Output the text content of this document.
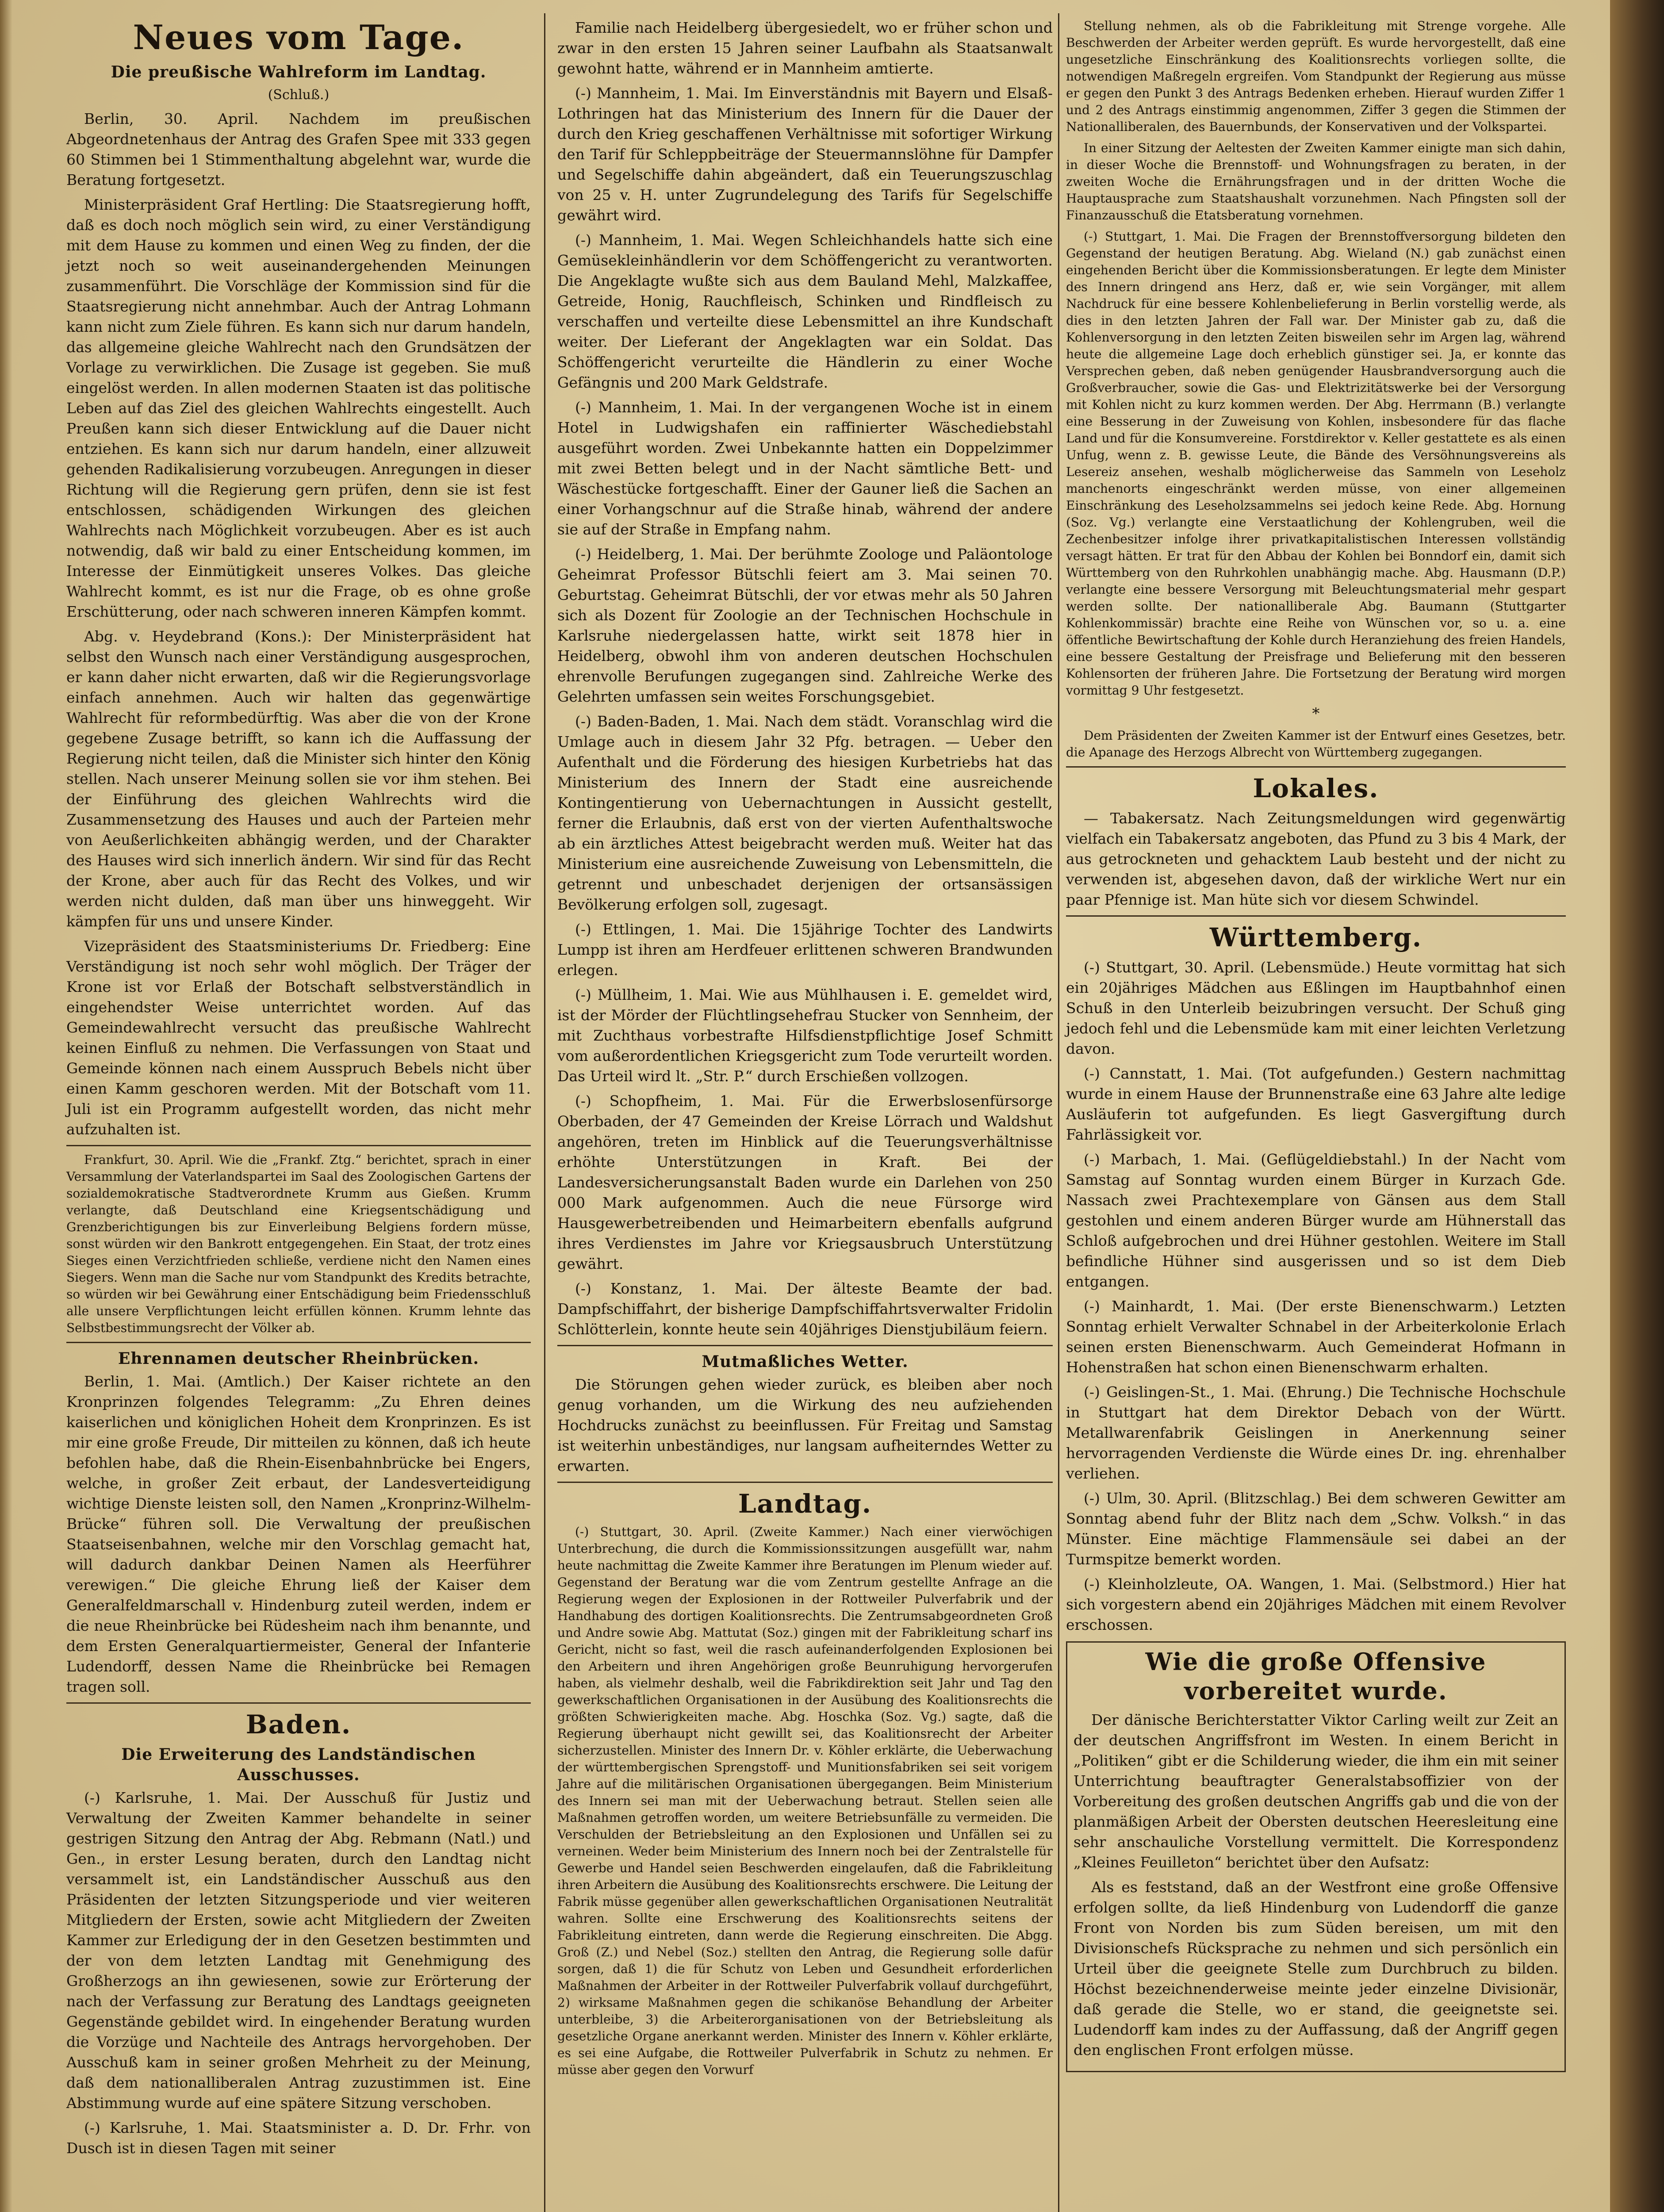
Neues vom Tage.
Die preußische Wahlreform im Landtag.
(Schluß.)

Berlin, 30. April. Nachdem im preußischen Abgeordnetenhaus der Antrag des Grafen Spee mit 333 gegen 60 Stimmen bei 1 Stimmenthaltung abgelehnt war, wurde die Beratung fortgesetzt.

Ministerpräsident Graf Hertling: Die Staatsregierung hofft, daß es doch noch möglich sein wird, zu einer Verständigung mit dem Hause zu kommen und einen Weg zu finden, der die jetzt noch so weit auseinandergehenden Meinungen zusammenführt. Die Vorschläge der Kommission sind für die Staatsregierung nicht annehmbar. Auch der Antrag Lohmann kann nicht zum Ziele führen. Es kann sich nur darum handeln, das allgemeine gleiche Wahlrecht nach den Grundsätzen der Vorlage zu verwirklichen. Die Zusage ist gegeben. Sie muß eingelöst werden. In allen modernen Staaten ist das politische Leben auf das Ziel des gleichen Wahlrechts eingestellt. Auch Preußen kann sich dieser Entwicklung auf die Dauer nicht entziehen. Es kann sich nur darum handeln, einer allzuweit gehenden Radikalisierung vorzubeugen. Anregungen in dieser Richtung will die Regierung gern prüfen, denn sie ist fest entschlossen, schädigenden Wirkungen des gleichen Wahlrechts nach Möglichkeit vorzubeugen. Aber es ist auch notwendig, daß wir bald zu einer Entscheidung kommen, im Interesse der Einmütigkeit unseres Volkes. Das gleiche Wahlrecht kommt, es ist nur die Frage, ob es ohne große Erschütterung, oder nach schweren inneren Kämpfen kommt.

Abg. v. Heydebrand (Kons.): Der Ministerpräsident hat selbst den Wunsch nach einer Verständigung ausgesprochen, er kann daher nicht erwarten, daß wir die Regierungsvorlage einfach annehmen. Auch wir halten das gegenwärtige Wahlrecht für reformbedürftig. Was aber die von der Krone gegebene Zusage betrifft, so kann ich die Auffassung der Regierung nicht teilen, daß die Minister sich hinter den König stellen. Nach unserer Meinung sollen sie vor ihm stehen. Bei der Einführung des gleichen Wahlrechts wird die Zusammensetzung des Hauses und auch der Parteien mehr von Aeußerlichkeiten abhängig werden, und der Charakter des Hauses wird sich innerlich ändern. Wir sind für das Recht der Krone, aber auch für das Recht des Volkes, und wir werden nicht dulden, daß man über uns hinweggeht. Wir kämpfen für uns und unsere Kinder.

Vizepräsident des Staatsministeriums Dr. Friedberg: Eine Verständigung ist noch sehr wohl möglich. Der Träger der Krone ist vor Erlaß der Botschaft selbstverständlich in eingehendster Weise unterrichtet worden. Auf das Gemeindewahlrecht versucht das preußische Wahlrecht keinen Einfluß zu nehmen. Die Verfassungen von Staat und Gemeinde können nach einem Ausspruch Bebels nicht über einen Kamm geschoren werden. Mit der Botschaft vom 11. Juli ist ein Programm aufgestellt worden, das nicht mehr aufzuhalten ist.

Frankfurt, 30. April. Wie die „Frankf. Ztg.“ berichtet, sprach in einer Versammlung der Vaterlandspartei im Saal des Zoologischen Gartens der sozialdemokratische Stadtverordnete Krumm aus Gießen. Krumm verlangte, daß Deutschland eine Kriegsentschädigung und Grenzberichtigungen bis zur Einverleibung Belgiens fordern müsse, sonst würden wir den Bankrott entgegengehen. Ein Staat, der trotz eines Sieges einen Verzichtfrieden schließe, verdiene nicht den Namen eines Siegers. Wenn man die Sache nur vom Standpunkt des Kredits betrachte, so würden wir bei Gewährung einer Entschädigung beim Friedensschluß alle unsere Verpflichtungen leicht erfüllen können. Krumm lehnte das Selbstbestimmungsrecht der Völker ab.

Ehrennamen deutscher Rheinbrücken.

Berlin, 1. Mai. (Amtlich.) Der Kaiser richtete an den Kronprinzen folgendes Telegramm: „Zu Ehren deines kaiserlichen und königlichen Hoheit dem Kronprinzen. Es ist mir eine große Freude, Dir mitteilen zu können, daß ich heute befohlen habe, daß die Rhein-Eisenbahnbrücke bei Engers, welche, in großer Zeit erbaut, der Landesverteidigung wichtige Dienste leisten soll, den Namen „Kronprinz-Wilhelm-Brücke“ führen soll. Die Verwaltung der preußischen Staatseisenbahnen, welche mir den Vorschlag gemacht hat, will dadurch dankbar Deinen Namen als Heerführer verewigen.“ Die gleiche Ehrung ließ der Kaiser dem Generalfeldmarschall v. Hindenburg zuteil werden, indem er die neue Rheinbrücke bei Rüdesheim nach ihm benannte, und dem Ersten Generalquartiermeister, General der Infanterie Ludendorff, dessen Name die Rheinbrücke bei Remagen tragen soll.

Baden.
Die Erweiterung des Landständischen Ausschusses.

(-) Karlsruhe, 1. Mai. Der Ausschuß für Justiz und Verwaltung der Zweiten Kammer behandelte in seiner gestrigen Sitzung den Antrag der Abg. Rebmann (Natl.) und Gen., in erster Lesung beraten, durch den Landtag nicht versammelt ist, ein Landständischer Ausschuß aus den Präsidenten der letzten Sitzungsperiode und vier weiteren Mitgliedern der Ersten, sowie acht Mitgliedern der Zweiten Kammer zur Erledigung der in den Gesetzen bestimmten und der von dem letzten Landtag mit Genehmigung des Großherzogs an ihn gewiesenen, sowie zur Erörterung der nach der Verfassung zur Beratung des Landtags geeigneten Gegenstände gebildet wird. In eingehender Beratung wurden die Vorzüge und Nachteile des Antrags hervorgehoben. Der Ausschuß kam in seiner großen Mehrheit zu der Meinung, daß dem nationalliberalen Antrag zuzustimmen ist. Eine Abstimmung wurde auf eine spätere Sitzung verschoben.

(-) Karlsruhe, 1. Mai. Staatsminister a. D. Dr. Frhr. von Dusch ist in diesen Tagen mit seiner

Familie nach Heidelberg übergesiedelt, wo er früher schon und zwar in den ersten 15 Jahren seiner Laufbahn als Staatsanwalt gewohnt hatte, während er in Mannheim amtierte.

(-) Mannheim, 1. Mai. Im Einverständnis mit Bayern und Elsaß-Lothringen hat das Ministerium des Innern für die Dauer der durch den Krieg geschaffenen Verhältnisse mit sofortiger Wirkung den Tarif für Schleppbeiträge der Steuermannslöhne für Dampfer und Segelschiffe dahin abgeändert, daß ein Teuerungszuschlag von 25 v. H. unter Zugrundelegung des Tarifs für Segelschiffe gewährt wird.

(-) Mannheim, 1. Mai. Wegen Schleichhandels hatte sich eine Gemüsekleinhändlerin vor dem Schöffengericht zu verantworten. Die Angeklagte wußte sich aus dem Bauland Mehl, Malzkaffee, Getreide, Honig, Rauchfleisch, Schinken und Rindfleisch zu verschaffen und verteilte diese Lebensmittel an ihre Kundschaft weiter. Der Lieferant der Angeklagten war ein Soldat. Das Schöffengericht verurteilte die Händlerin zu einer Woche Gefängnis und 200 Mark Geldstrafe.

(-) Mannheim, 1. Mai. In der vergangenen Woche ist in einem Hotel in Ludwigshafen ein raffinierter Wäschediebstahl ausgeführt worden. Zwei Unbekannte hatten ein Doppelzimmer mit zwei Betten belegt und in der Nacht sämtliche Bett- und Wäschestücke fortgeschafft. Einer der Gauner ließ die Sachen an einer Vorhangschnur auf die Straße hinab, während der andere sie auf der Straße in Empfang nahm.

(-) Heidelberg, 1. Mai. Der berühmte Zoologe und Paläontologe Geheimrat Professor Bütschli feiert am 3. Mai seinen 70. Geburtstag. Geheimrat Bütschli, der vor etwas mehr als 50 Jahren sich als Dozent für Zoologie an der Technischen Hochschule in Karlsruhe niedergelassen hatte, wirkt seit 1878 hier in Heidelberg, obwohl ihm von anderen deutschen Hochschulen ehrenvolle Berufungen zugegangen sind. Zahlreiche Werke des Gelehrten umfassen sein weites Forschungsgebiet.

(-) Baden-Baden, 1. Mai. Nach dem städt. Voranschlag wird die Umlage auch in diesem Jahr 32 Pfg. betragen. — Ueber den Aufenthalt und die Förderung des hiesigen Kurbetriebs hat das Ministerium des Innern der Stadt eine ausreichende Kontingentierung von Uebernachtungen in Aussicht gestellt, ferner die Erlaubnis, daß erst von der vierten Aufenthaltswoche ab ein ärztliches Attest beigebracht werden muß. Weiter hat das Ministerium eine ausreichende Zuweisung von Lebensmitteln, die getrennt und unbeschadet derjenigen der ortsansässigen Bevölkerung erfolgen soll, zugesagt.

(-) Ettlingen, 1. Mai. Die 15jährige Tochter des Landwirts Lumpp ist ihren am Herdfeuer erlittenen schweren Brandwunden erlegen.

(-) Müllheim, 1. Mai. Wie aus Mühlhausen i. E. gemeldet wird, ist der Mörder der Flüchtlingsehefrau Stucker von Sennheim, der mit Zuchthaus vorbestrafte Hilfsdienstpflichtige Josef Schmitt vom außerordentlichen Kriegsgericht zum Tode verurteilt worden. Das Urteil wird lt. „Str. P.“ durch Erschießen vollzogen.

(-) Schopfheim, 1. Mai. Für die Erwerbslosenfürsorge Oberbaden, der 47 Gemeinden der Kreise Lörrach und Waldshut angehören, treten im Hinblick auf die Teuerungsverhältnisse erhöhte Unterstützungen in Kraft. Bei der Landesversicherungsanstalt Baden wurde ein Darlehen von 250 000 Mark aufgenommen. Auch die neue Fürsorge wird Hausgewerbetreibenden und Heimarbeitern ebenfalls aufgrund ihres Verdienstes im Jahre vor Kriegsausbruch Unterstützung gewährt.

(-) Konstanz, 1. Mai. Der älteste Beamte der bad. Dampfschiffahrt, der bisherige Dampfschiffahrtsverwalter Fridolin Schlötterlein, konnte heute sein 40jähriges Dienstjubiläum feiern.

Mutmaßliches Wetter.

Die Störungen gehen wieder zurück, es bleiben aber noch genug vorhanden, um die Wirkung des neu aufziehenden Hochdrucks zunächst zu beeinflussen. Für Freitag und Samstag ist weiterhin unbeständiges, nur langsam aufheiterndes Wetter zu erwarten.

Landtag.

(-) Stuttgart, 30. April. (Zweite Kammer.) Nach einer vierwöchigen Unterbrechung, die durch die Kommissionssitzungen ausgefüllt war, nahm heute nachmittag die Zweite Kammer ihre Beratungen im Plenum wieder auf. Gegenstand der Beratung war die vom Zentrum gestellte Anfrage an die Regierung wegen der Explosionen in der Rottweiler Pulverfabrik und der Handhabung des dortigen Koalitionsrechts. Die Zentrumsabgeordneten Groß und Andre sowie Abg. Mattutat (Soz.) gingen mit der Fabrikleitung scharf ins Gericht, nicht so fast, weil die rasch aufeinanderfolgenden Explosionen bei den Arbeitern und ihren Angehörigen große Beunruhigung hervorgerufen haben, als vielmehr deshalb, weil die Fabrikdirektion seit Jahr und Tag den gewerkschaftlichen Organisationen in der Ausübung des Koalitionsrechts die größten Schwierigkeiten mache. Abg. Hoschka (Soz. Vg.) sagte, daß die Regierung überhaupt nicht gewillt sei, das Koalitionsrecht der Arbeiter sicherzustellen. Minister des Innern Dr. v. Köhler erklärte, die Ueberwachung der württembergischen Sprengstoff- und Munitionsfabriken sei seit vorigem Jahre auf die militärischen Organisationen übergegangen. Beim Ministerium des Innern sei man mit der Ueberwachung betraut. Stellen seien alle Maßnahmen getroffen worden, um weitere Betriebsunfälle zu vermeiden. Die Verschulden der Betriebsleitung an den Explosionen und Unfällen sei zu verneinen. Weder beim Ministerium des Innern noch bei der Zentralstelle für Gewerbe und Handel seien Beschwerden eingelaufen, daß die Fabrikleitung ihren Arbeitern die Ausübung des Koalitionsrechts erschwere. Die Leitung der Fabrik müsse gegenüber allen gewerkschaftlichen Organisationen Neutralität wahren. Sollte eine Erschwerung des Koalitionsrechts seitens der Fabrikleitung eintreten, dann werde die Regierung einschreiten. Die Abgg. Groß (Z.) und Nebel (Soz.) stellten den Antrag, die Regierung solle dafür sorgen, daß 1) die für Schutz von Leben und Gesundheit erforderlichen Maßnahmen der Arbeiter in der Rottweiler Pulverfabrik vollauf durchgeführt, 2) wirksame Maßnahmen gegen die schikanöse Behandlung der Arbeiter unterbleibe, 3) die Arbeiterorganisationen von der Betriebsleitung als gesetzliche Organe anerkannt werden. Minister des Innern v. Köhler erklärte, es sei eine Aufgabe, die Rottweiler Pulverfabrik in Schutz zu nehmen. Er müsse aber gegen den Vorwurf

Stellung nehmen, als ob die Fabrikleitung mit Strenge vorgehe. Alle Beschwerden der Arbeiter werden geprüft. Es wurde hervorgestellt, daß eine ungesetzliche Einschränkung des Koalitionsrechts vorliegen sollte, die notwendigen Maßregeln ergreifen. Vom Standpunkt der Regierung aus müsse er gegen den Punkt 3 des Antrags Bedenken erheben. Hierauf wurden Ziffer 1 und 2 des Antrags einstimmig angenommen, Ziffer 3 gegen die Stimmen der Nationalliberalen, des Bauernbunds, der Konservativen und der Volkspartei.

In einer Sitzung der Aeltesten der Zweiten Kammer einigte man sich dahin, in dieser Woche die Brennstoff- und Wohnungsfragen zu beraten, in der zweiten Woche die Ernährungsfragen und in der dritten Woche die Hauptausprache zum Staatshaushalt vorzunehmen. Nach Pfingsten soll der Finanzausschuß die Etatsberatung vornehmen.

(-) Stuttgart, 1. Mai. Die Fragen der Brennstoffversorgung bildeten den Gegenstand der heutigen Beratung. Abg. Wieland (N.) gab zunächst einen eingehenden Bericht über die Kommissionsberatungen. Er legte dem Minister des Innern dringend ans Herz, daß er, wie sein Vorgänger, mit allem Nachdruck für eine bessere Kohlenbelieferung in Berlin vorstellig werde, als dies in den letzten Jahren der Fall war. Der Minister gab zu, daß die Kohlenversorgung in den letzten Zeiten bisweilen sehr im Argen lag, während heute die allgemeine Lage doch erheblich günstiger sei. Ja, er konnte das Versprechen geben, daß neben genügender Hausbrandversorgung auch die Großverbraucher, sowie die Gas- und Elektrizitätswerke bei der Versorgung mit Kohlen nicht zu kurz kommen werden. Der Abg. Herrmann (B.) verlangte eine Besserung in der Zuweisung von Kohlen, insbesondere für das flache Land und für die Konsumvereine. Forstdirektor v. Keller gestattete es als einen Unfug, wenn z. B. gewisse Leute, die Bände des Versöhnungsvereins als Lesereiz ansehen, weshalb möglicherweise das Sammeln von Leseholz manchenorts eingeschränkt werden müsse, von einer allgemeinen Einschränkung des Leseholzsammelns sei jedoch keine Rede. Abg. Hornung (Soz. Vg.) verlangte eine Verstaatlichung der Kohlengruben, weil die Zechenbesitzer infolge ihrer privatkapitalistischen Interessen vollständig versagt hätten. Er trat für den Abbau der Kohlen bei Bonndorf ein, damit sich Württemberg von den Ruhrkohlen unabhängig mache. Abg. Hausmann (D.P.) verlangte eine bessere Versorgung mit Beleuchtungsmaterial mehr gespart werden sollte. Der nationalliberale Abg. Baumann (Stuttgarter Kohlenkommissär) brachte eine Reihe von Wünschen vor, so u. a. eine öffentliche Bewirtschaftung der Kohle durch Heranziehung des freien Handels, eine bessere Gestaltung der Preisfrage und Belieferung mit den besseren Kohlensorten der früheren Jahre. Die Fortsetzung der Beratung wird morgen vormittag 9 Uhr festgesetzt.

*

Dem Präsidenten der Zweiten Kammer ist der Entwurf eines Gesetzes, betr. die Apanage des Herzogs Albrecht von Württemberg zugegangen.

Lokales.

— Tabakersatz. Nach Zeitungsmeldungen wird gegenwärtig vielfach ein Tabakersatz angeboten, das Pfund zu 3 bis 4 Mark, der aus getrockneten und gehacktem Laub besteht und der nicht zu verwenden ist, abgesehen davon, daß der wirkliche Wert nur ein paar Pfennige ist. Man hüte sich vor diesem Schwindel.

Württemberg.

(-) Stuttgart, 30. April. (Lebensmüde.) Heute vormittag hat sich ein 20jähriges Mädchen aus Eßlingen im Hauptbahnhof einen Schuß in den Unterleib beizubringen versucht. Der Schuß ging jedoch fehl und die Lebensmüde kam mit einer leichten Verletzung davon.

(-) Cannstatt, 1. Mai. (Tot aufgefunden.) Gestern nachmittag wurde in einem Hause der Brunnenstraße eine 63 Jahre alte ledige Ausläuferin tot aufgefunden. Es liegt Gasvergiftung durch Fahrlässigkeit vor.

(-) Marbach, 1. Mai. (Geflügeldiebstahl.) In der Nacht vom Samstag auf Sonntag wurden einem Bürger in Kurzach Gde. Nassach zwei Prachtexemplare von Gänsen aus dem Stall gestohlen und einem anderen Bürger wurde am Hühnerstall das Schloß aufgebrochen und drei Hühner gestohlen. Weitere im Stall befindliche Hühner sind ausgerissen und so ist dem Dieb entgangen.

(-) Mainhardt, 1. Mai. (Der erste Bienenschwarm.) Letzten Sonntag erhielt Verwalter Schnabel in der Arbeiterkolonie Erlach seinen ersten Bienenschwarm. Auch Gemeinderat Hofmann in Hohenstraßen hat schon einen Bienenschwarm erhalten.

(-) Geislingen-St., 1. Mai. (Ehrung.) Die Technische Hochschule in Stuttgart hat dem Direktor Debach von der Württ. Metallwarenfabrik Geislingen in Anerkennung seiner hervorragenden Verdienste die Würde eines Dr. ing. ehrenhalber verliehen.

(-) Ulm, 30. April. (Blitzschlag.) Bei dem schweren Gewitter am Sonntag abend fuhr der Blitz nach dem „Schw. Volksh.“ in das Münster. Eine mächtige Flammensäule sei dabei an der Turmspitze bemerkt worden.

(-) Kleinholzleute, OA. Wangen, 1. Mai. (Selbstmord.) Hier hat sich vorgestern abend ein 20jähriges Mädchen mit einem Revolver erschossen.

Wie die große Offensive vorbereitet wurde.

Der dänische Berichterstatter Viktor Carling weilt zur Zeit an der deutschen Angriffsfront im Westen. In einem Bericht in „Politiken“ gibt er die Schilderung wieder, die ihm ein mit seiner Unterrichtung beauftragter Generalstabsoffizier von der Vorbereitung des großen deutschen Angriffs gab und die von der planmäßigen Arbeit der Obersten deutschen Heeresleitung eine sehr anschauliche Vorstellung vermittelt. Die Korrespondenz „Kleines Feuilleton“ berichtet über den Aufsatz:

Als es feststand, daß an der Westfront eine große Offensive erfolgen sollte, da ließ Hindenburg von Ludendorff die ganze Front von Norden bis zum Süden bereisen, um mit den Divisionschefs Rücksprache zu nehmen und sich persönlich ein Urteil über die geeignete Stelle zum Durchbruch zu bilden. Höchst bezeichnenderweise meinte jeder einzelne Divisionär, daß gerade die Stelle, wo er stand, die geeignetste sei. Ludendorff kam indes zu der Auffassung, daß der Angriff gegen den englischen Front erfolgen müsse.
